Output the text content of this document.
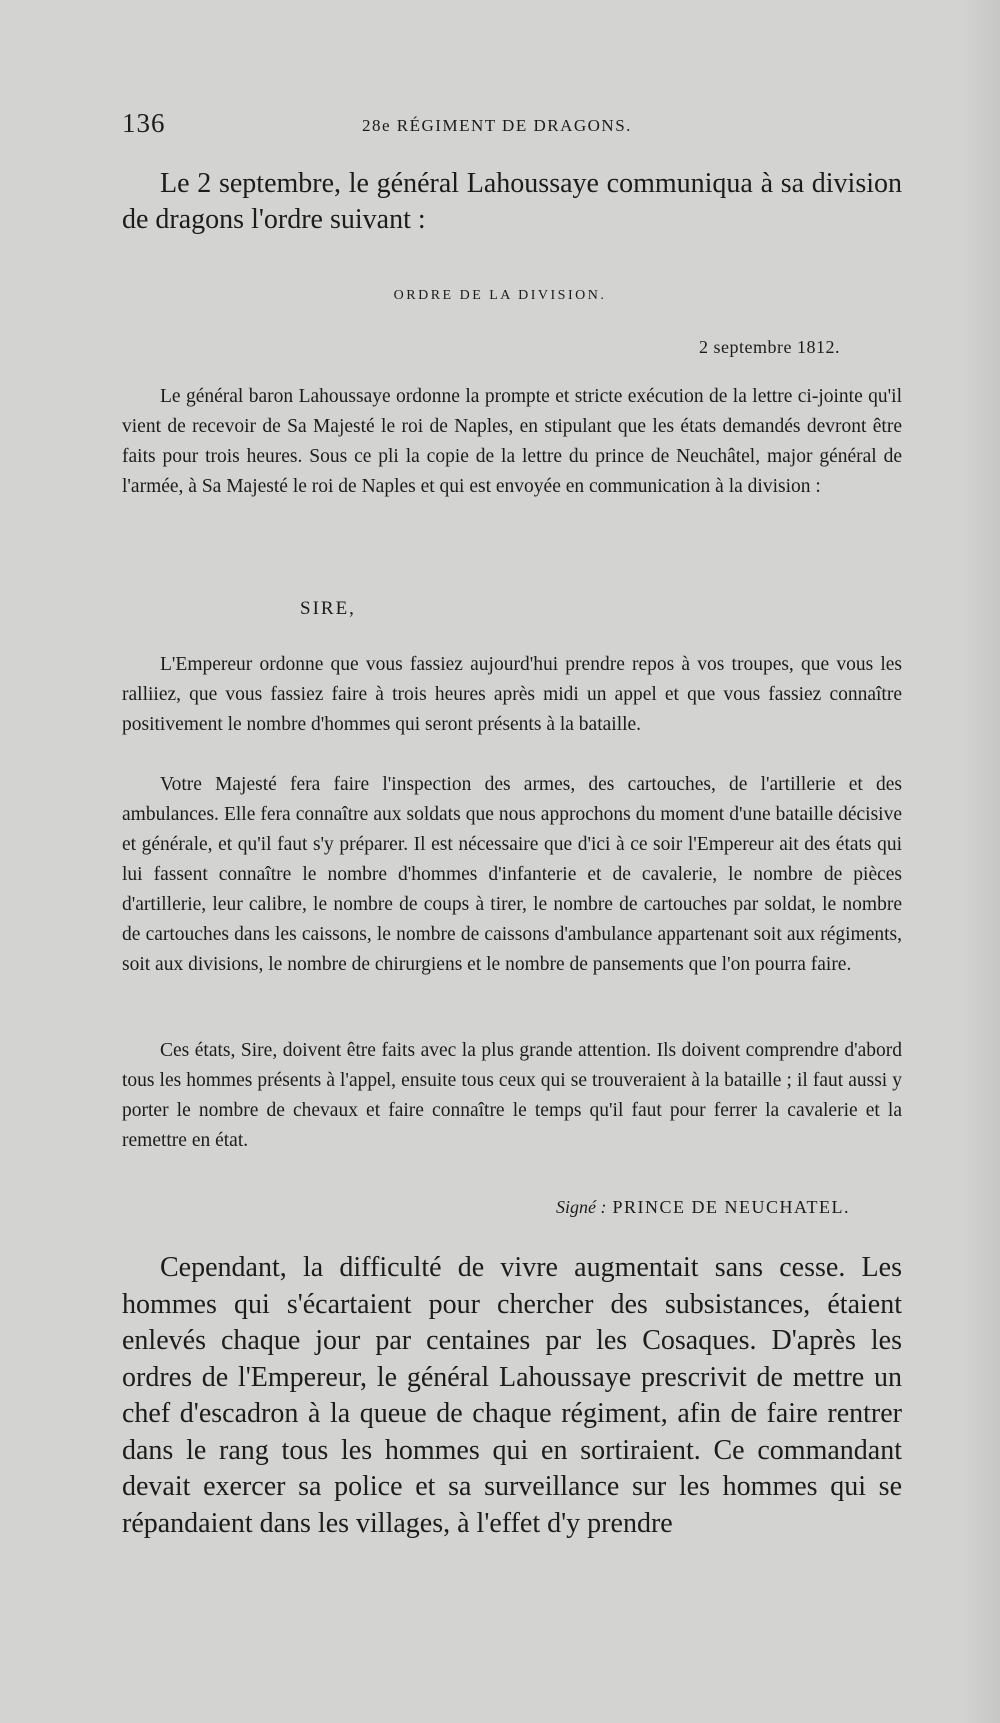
136	28e RÉGIMENT DE DRAGONS.

Le 2 septembre, le général Lahoussaye communiqua à sa division de dragons l'ordre suivant :

ORDRE DE LA DIVISION.
2 septembre 1812.

Le général baron Lahoussaye ordonne la prompte et stricte exécution de la lettre ci-jointe qu'il vient de recevoir de Sa Majesté le roi de Naples, en stipulant que les états demandés devront être faits pour trois heures. Sous ce pli la copie de la lettre du prince de Neuchâtel, major général de l'armée, à Sa Majesté le roi de Naples et qui est envoyée en communication à la division :

SIRE,

L'Empereur ordonne que vous fassiez aujourd'hui prendre repos à vos troupes, que vous les ralliiez, que vous fassiez faire à trois heures après midi un appel et que vous fassiez connaître positivement le nombre d'hommes qui seront présents à la bataille.

Votre Majesté fera faire l'inspection des armes, des cartouches, de l'artillerie et des ambulances. Elle fera connaître aux soldats que nous approchons du moment d'une bataille décisive et générale, et qu'il faut s'y préparer. Il est nécessaire que d'ici à ce soir l'Empereur ait des états qui lui fassent connaître le nombre d'hommes d'infanterie et de cavalerie, le nombre de pièces d'artillerie, leur calibre, le nombre de coups à tirer, le nombre de cartouches par soldat, le nombre de cartouches dans les caissons, le nombre de caissons d'ambulance appartenant soit aux régiments, soit aux divisions, le nombre de chirurgiens et le nombre de pansements que l'on pourra faire.

Ces états, Sire, doivent être faits avec la plus grande attention. Ils doivent comprendre d'abord tous les hommes présents à l'appel, ensuite tous ceux qui se trouveraient à la bataille ; il faut aussi y porter le nombre de chevaux et faire connaître le temps qu'il faut pour ferrer la cavalerie et la remettre en état.

Signé : PRINCE DE NEUCHATEL.

Cependant, la difficulté de vivre augmentait sans cesse. Les hommes qui s'écartaient pour chercher des subsistances, étaient enlevés chaque jour par centaines par les Cosaques. D'après les ordres de l'Empereur, le général Lahoussaye prescrivit de mettre un chef d'escadron à la queue de chaque régiment, afin de faire rentrer dans le rang tous les hommes qui en sortiraient. Ce commandant devait exercer sa police et sa surveillance sur les hommes qui se répandaient dans les villages, à l'effet d'y prendre
